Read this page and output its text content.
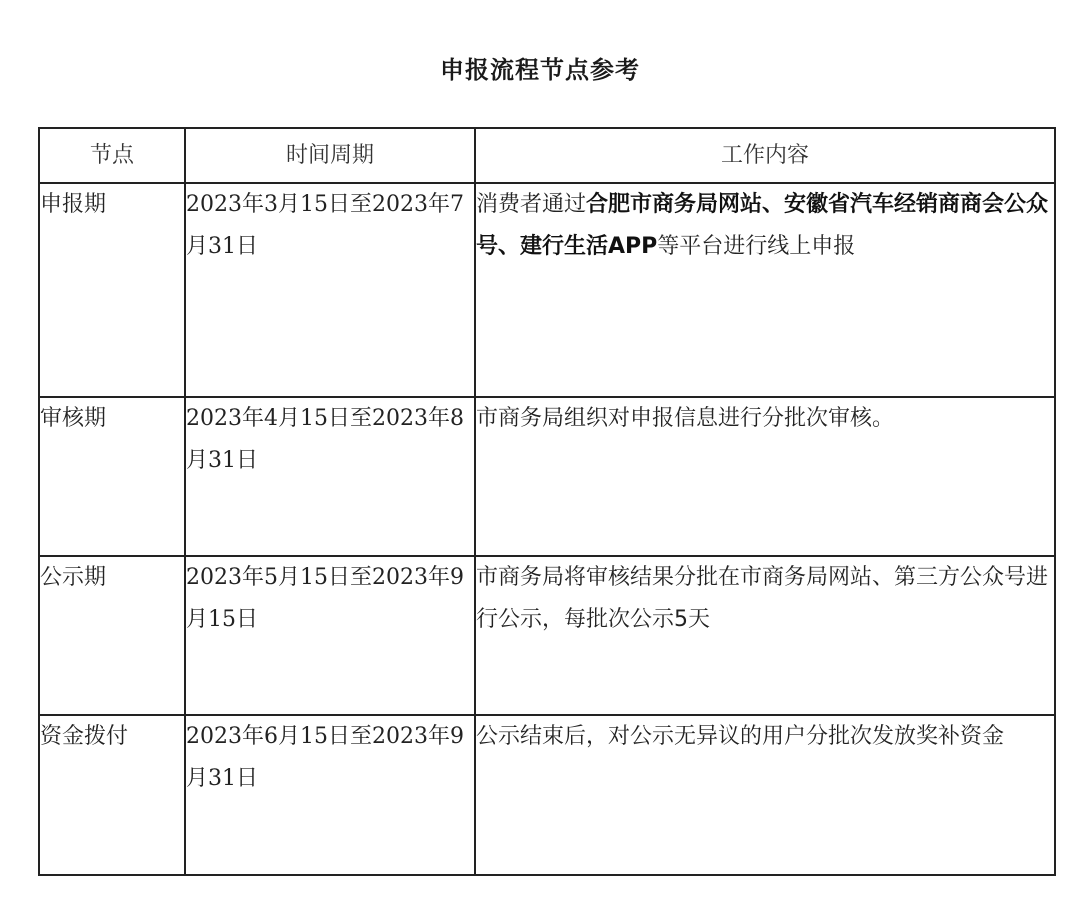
申报流程节点参考
节点	时间周期	工作内容
申报期	2023年3月15日至2023年7月31日	消费者通过合肥市商务局网站、安徽省汽车经销商商会公众号、建行生活APP等平台进行线上申报
审核期	2023年4月15日至2023年8月31日	市商务局组织对申报信息进行分批次审核。
公示期	2023年5月15日至2023年9月15日	市商务局将审核结果分批在市商务局网站、第三方公众号进行公示，每批次公示5天
资金拨付	2023年6月15日至2023年9月31日	公示结束后，对公示无异议的用户分批次发放奖补资金
